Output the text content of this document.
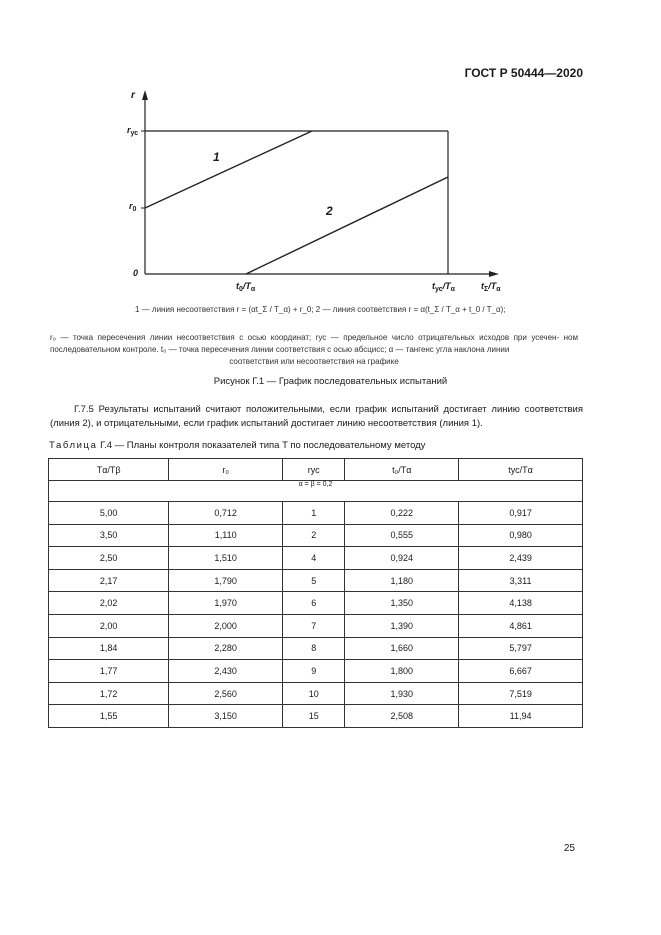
ГОСТ Р 50444—2020
r
$r_{ус}$
$r_0$
0
1
2
$t_0/T_\alpha$	$t_{ус}/T_\alpha$	$t_\Sigma/T_\alpha$
1 — линия несоответствия r = (αt_Σ / T_α) + r_0; 2 — линия соответствия r = α(t_Σ / T_α + t_0 / T_α);
r₀ — точка пересечения линии несоответствия с осью координат; rус — предельное число отрицательных исходов при усечен- ном последовательном контроле. t₀ — точка пересечения линии соответствия с осью абсцисс; α — тангенс угла наклона линии
соответствия или несоответствия на графике
Рисунок Г.1 — График последовательных испытаний
Г.7.5 Результаты испытаний считают положительными, если график испытаний достигает линию соответствия (линия 2), и отрицательными, если график испытаний достигает линию несоответствия (линия 1).
Таблица Г.4 — Планы контроля показателей типа T по последовательному методу
Tα/Tβ	r₀	rус	t₀/Tα	tус/Tα
α = β = 0,2				
5,00	0,712	1	0,222	0,917
3,50	1,110	2	0,555	0,980
2,50	1,510	4	0,924	2,439
2,17	1,790	5	1,180	3,311
2,02	1,970	6	1,350	4,138
2,00	2,000	7	1,390	4,861
1,84	2,280	8	1,660	5,797
1,77	2,430	9	1,800	6,667
1,72	2,560	10	1,930	7,519
1,55	3,150	15	2,508	11,94
25
